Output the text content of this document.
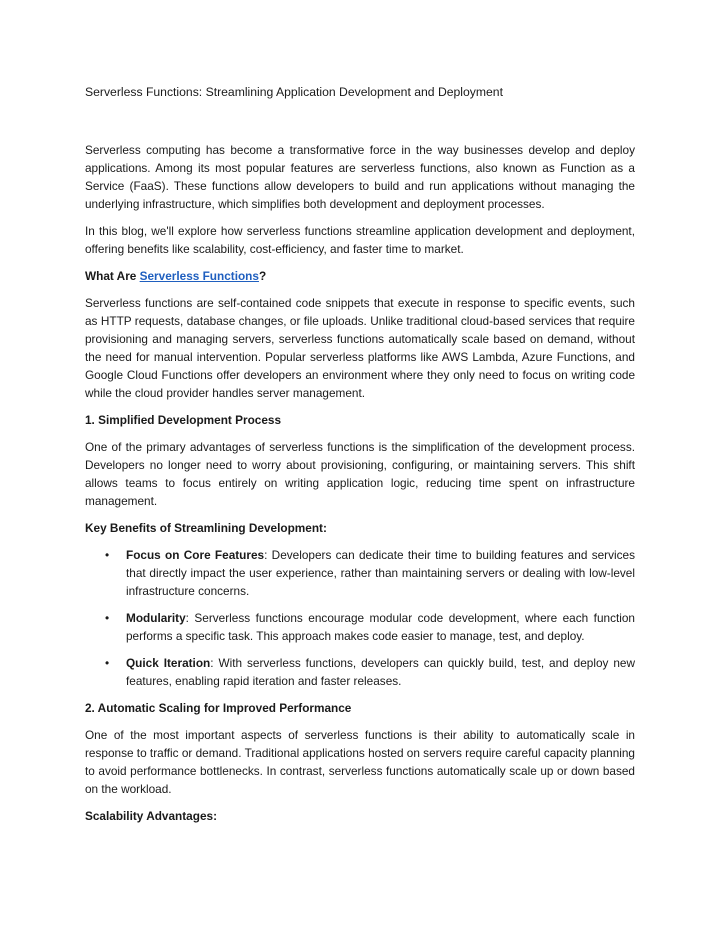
Serverless Functions: Streamlining Application Development and Deployment

Serverless computing has become a transformative force in the way businesses develop and deploy applications. Among its most popular features are serverless functions, also known as Function as a Service (FaaS). These functions allow developers to build and run applications without managing the underlying infrastructure, which simplifies both development and deployment processes.

In this blog, we'll explore how serverless functions streamline application development and deployment, offering benefits like scalability, cost-efficiency, and faster time to market.

What Are Serverless Functions?

Serverless functions are self-contained code snippets that execute in response to specific events, such as HTTP requests, database changes, or file uploads. Unlike traditional cloud-based services that require provisioning and managing servers, serverless functions automatically scale based on demand, without the need for manual intervention. Popular serverless platforms like AWS Lambda, Azure Functions, and Google Cloud Functions offer developers an environment where they only need to focus on writing code while the cloud provider handles server management.

1. Simplified Development Process

One of the primary advantages of serverless functions is the simplification of the development process. Developers no longer need to worry about provisioning, configuring, or maintaining servers. This shift allows teams to focus entirely on writing application logic, reducing time spent on infrastructure management.

Key Benefits of Streamlining Development:

• Focus on Core Features: Developers can dedicate their time to building features and services that directly impact the user experience, rather than maintaining servers or dealing with low-level infrastructure concerns.
• Modularity: Serverless functions encourage modular code development, where each function performs a specific task. This approach makes code easier to manage, test, and deploy.
• Quick Iteration: With serverless functions, developers can quickly build, test, and deploy new features, enabling rapid iteration and faster releases.

2. Automatic Scaling for Improved Performance

One of the most important aspects of serverless functions is their ability to automatically scale in response to traffic or demand. Traditional applications hosted on servers require careful capacity planning to avoid performance bottlenecks. In contrast, serverless functions automatically scale up or down based on the workload.

Scalability Advantages:
